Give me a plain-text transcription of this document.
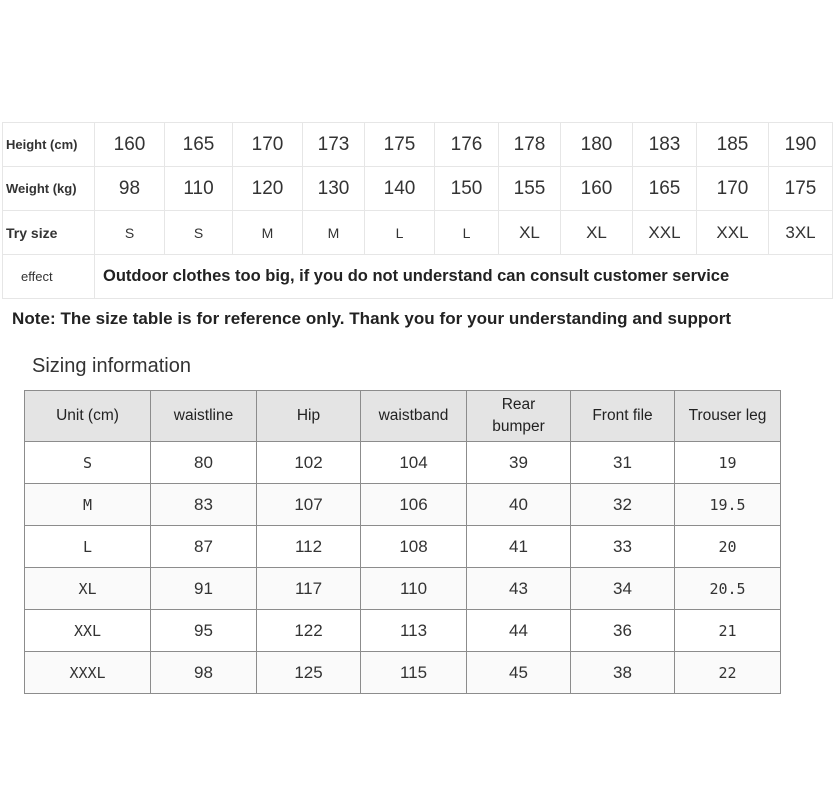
Height (cm)	160	165	170	173	175	176	178	180	183	185	190
Weight (kg)	98	110	120	130	140	150	155	160	165	170	175
Try size	S	S	M	M	L	L	XL	XL	XXL	XXL	3XL
effect	Outdoor clothes too big, if you do not understand can consult customer service										
Note: The size table is for reference only. Thank you for your understanding and support
Sizing information
Unit (cm)	waistline	Hip	waistband	Rear bumper	Front file	Trouser leg
S	80	102	104	39	31	19
M	83	107	106	40	32	19.5
L	87	112	108	41	33	20
XL	91	117	110	43	34	20.5
XXL	95	122	113	44	36	21
XXXL	98	125	115	45	38	22
